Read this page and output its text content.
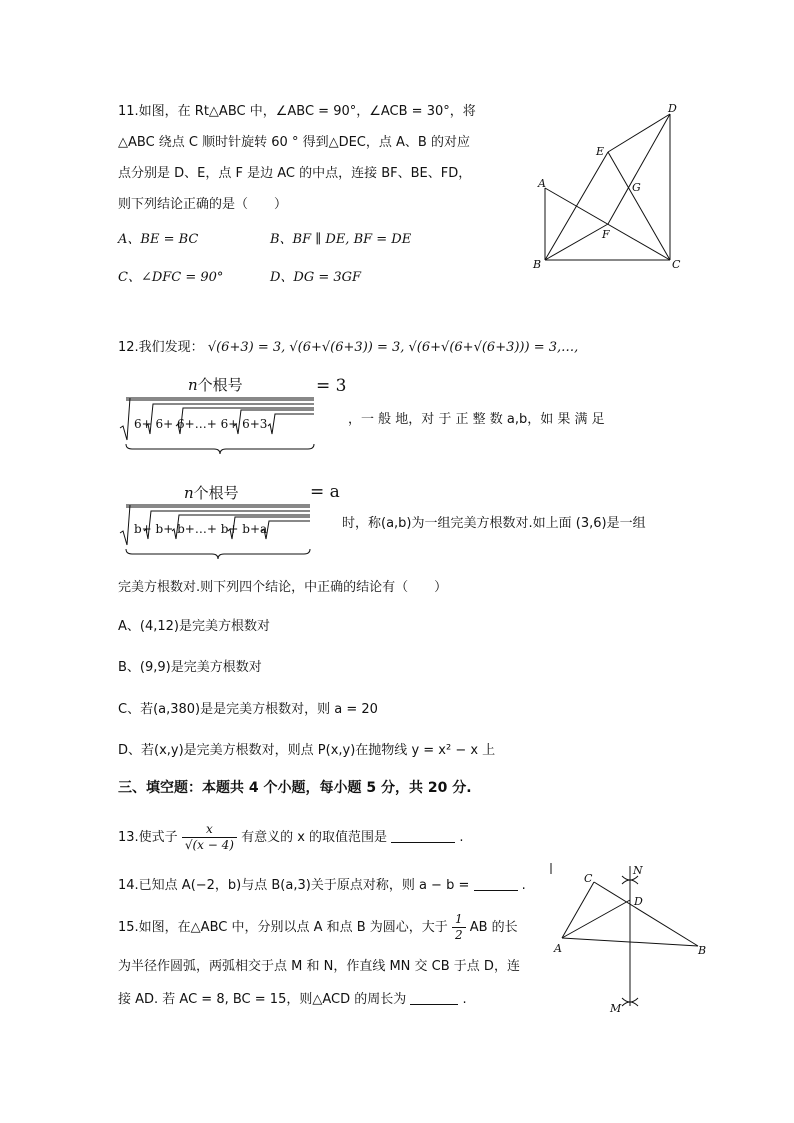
11.如图，在 Rt△ABC 中，∠ABC = 90°，∠ACB = 30°，将
△ABC 绕点 C 顺时针旋转 60 ° 得到△DEC，点 A、B 的对应
点分别是 D、E，点 F 是边 AC 的中点，连接 BF、BE、FD，
则下列结论正确的是（　　）
A、BE = BC	B、BF ∥ DE, BF = DE
C、∠DFC = 90°	D、DG = 3GF
D
E
A	G
F
B	C
12.我们发现： √(6+3) = 3, √(6+√(6+3)) = 3, √(6+√(6+√(6+3))) = 3,…,
n个根号	= 3
6+ 6+ 6+…+ 6+ 6+3	，一 般 地，对 于 正 整 数 a,b，如 果 满 足
n个根号	= a
b+ b+ b+…+ b+ b+a	时，称(a,b)为一组完美方根数对.如上面 (3,6)是一组
完美方根数对.则下列四个结论，中正确的结论有（　　）
A、(4,12)是完美方根数对
B、(9,9)是完美方根数对
C、若(a,380)是是完美方根数对，则 a = 20
D、若(x,y)是完美方根数对，则点 P(x,y)在抛物线 y = x² − x 上
三、填空题：本题共 4 个小题，每小题 5 分，共 20 分.
13.使式子 $\frac{x}{√(x - 4)}$ 有意义的 x 的取值范围是	.
14.已知点 A(−2，b)与点 B(a,3)关于原点对称，则 a − b =	.
15.如图，在△ABC 中，分别以点 A 和点 B 为圆心，大于 $\frac{1}{2}$ AB 的长
为半径作圆弧，两弧相交于点 M 和 N，作直线 MN 交 CB 于点 D，连
接 AD. 若 AC = 8, BC = 15，则△ACD 的周长为	.
C
N
D
A	B
M
